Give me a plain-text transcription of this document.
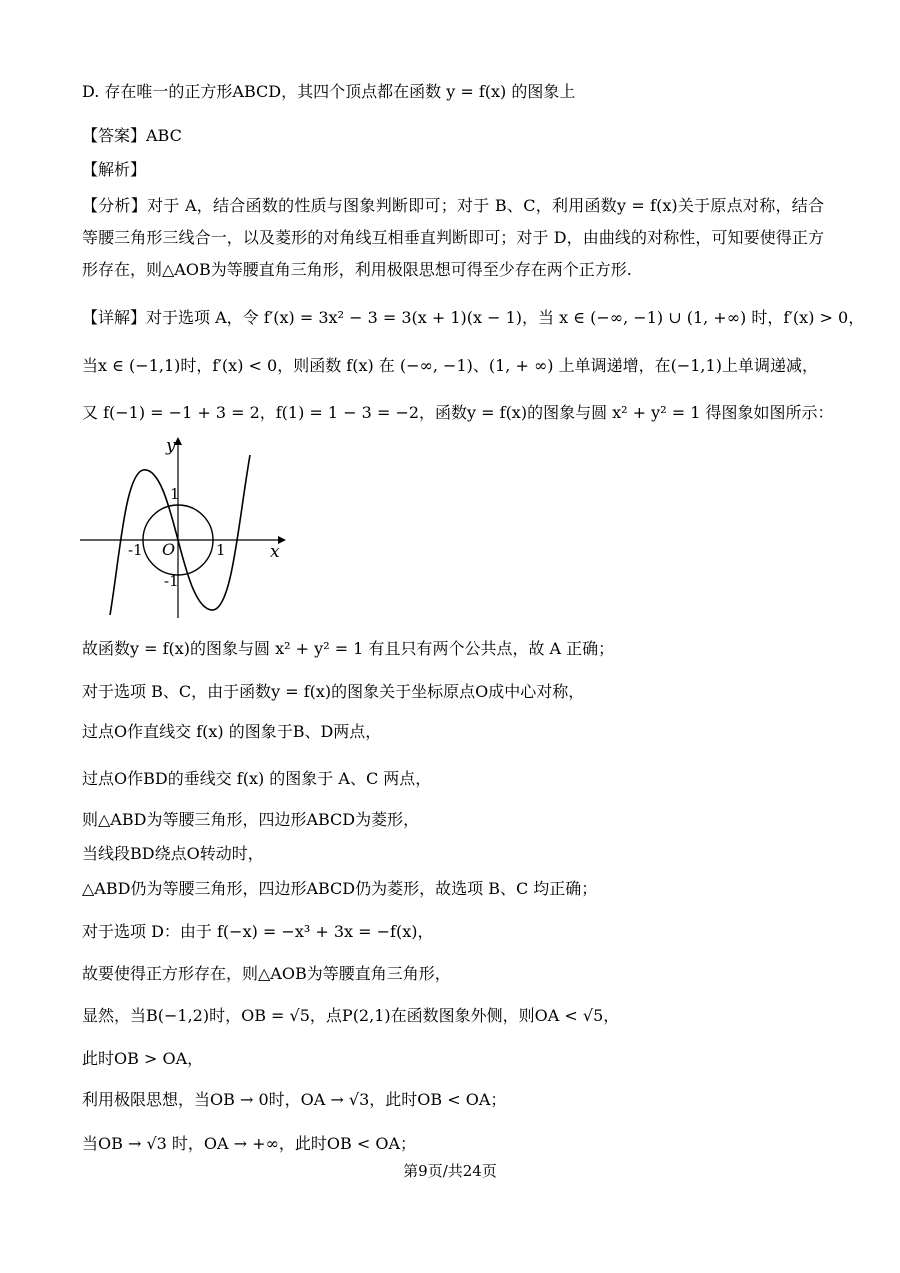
D. 存在唯一的正方形ABCD，其四个顶点都在函数 y = f(x) 的图象上
【答案】ABC
【解析】
【分析】对于 A，结合函数的性质与图象判断即可；对于 B、C，利用函数y = f(x)关于原点对称，结合等腰三角形三线合一，以及菱形的对角线互相垂直判断即可；对于 D，由曲线的对称性，可知要使得正方形存在，则△AOB为等腰直角三角形，利用极限思想可得至少存在两个正方形.
【详解】对于选项 A，令 f′(x) = 3x² − 3 = 3(x + 1)(x − 1)，当 x ∈ (−∞, −1) ∪ (1, +∞) 时，f′(x) > 0，
当x ∈ (−1,1)时，f′(x) < 0，则函数 f(x) 在 (−∞, −1)、(1, + ∞) 上单调递增，在(−1,1)上单调递减，
又 f(−1) = −1 + 3 = 2，f(1) = 1 − 3 = −2，函数y = f(x)的图象与圆 x² + y² = 1 得图象如图所示：
y
x
O
1
-1
1
-1
故函数y = f(x)的图象与圆 x² + y² = 1 有且只有两个公共点，故 A 正确；
对于选项 B、C，由于函数y = f(x)的图象关于坐标原点O成中心对称，
过点O作直线交 f(x) 的图象于B、D两点，
过点O作BD的垂线交 f(x) 的图象于 A、C 两点，
则△ABD为等腰三角形，四边形ABCD为菱形，
当线段BD绕点O转动时，
△ABD仍为等腰三角形，四边形ABCD仍为菱形，故选项 B、C 均正确；
对于选项 D：由于 f(−x) = −x³ + 3x = −f(x)，
故要使得正方形存在，则△AOB为等腰直角三角形，
显然，当B(−1,2)时，OB = √5，点P(2,1)在函数图象外侧，则OA < √5，
此时OB > OA，
利用极限思想，当OB → 0时，OA → √3，此时OB < OA；
当OB → √3 时，OA → +∞，此时OB < OA；
第9页/共24页
